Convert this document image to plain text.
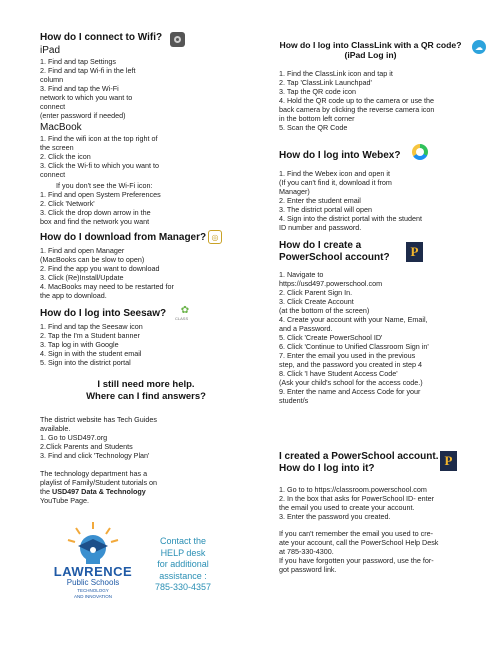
How do I connect to Wifi?
iPad
1. Find and tap Settings
2. Find and tap Wi-fi in the left
column
3. Find and tap the Wi-Fi
network to which you want to
connect
(enter password if needed)
MacBook
1. Find the wifi icon at the top right of
the screen
2. Click the icon
3. Click the Wi-fi to which you want to
connect
If you don't see the Wi-Fi icon:
1. Find and open System Preferences
2. Click 'Network'
3. Click the drop down arrow in the
box and find the network you want
How do I download from Manager? ◎
1. Find and open Manager
(MacBooks can be slow to open)
2. Find the app you want to download
3. Click (Re)Install/Update
4. MacBooks may need to be restarted for
the app to download.
How do I log into Seesaw?	✿
CLASS
1. Find and tap the Seesaw icon
2. Tap the I'm a Student banner
3. Tap log in with Google
4. Sign in with the student email
5. Sign into the district portal

I still need more help.

Where can I find answers?

The district website has Tech Guides
available.
1. Go to USD497.org
2.Click Parents and Students
3. Find and click 'Technology Plan'
The technology department has a
playlist of Family/Student tutorials on
the USD497 Data & Technology
YouTube Page.
LAWRENCE
Public Schools
TECHNOLOGY
AND INNOVATION
Contact the
HELP desk
for additional
assistance :
785-330-4357

How do I log into ClassLink with a QR code?

(iPad Log in)

☁
1. Find the ClassLink icon and tap it
2. Tap 'ClassLink Launchpad'
3. Tap the QR code icon
4. Hold the QR code up to the camera or use the
back camera by clicking the reverse camera icon
in the bottom left corner
5. Scan the QR Code
How do I log into Webex?
1. Find the Webex icon and open it
(If you can't find it, download it from
Manager)
2. Enter the student email
3. The district portal will open
4. Sign into the district portal with the student
ID number and password.
How do I create a
PowerSchool account?	P
1. Navigate to
https://usd497.powerschool.com
2. Click Parent Sign In.
3. Click Create Account
(at the bottom of the screen)
4. Create your account with your Name, Email,
and a Password.
5. Click 'Create PowerSchool ID'
6. Click 'Continue to Unified Classroom Sign in'
7. Enter the email you used in the previous
step, and the password you created in step 4
8. Click 'I have Student Access Code'
(Ask your child's school for the access code.)
9. Enter the name and Access Code for your
student/s
I created a PowerSchool account.
How do I log into it?
P
1. Go to to https://classroom.powerschool.com
2. In the box that asks for PowerSchool ID- enter
the email you used to create your account.
3. Enter the password you created.
If you can't remember the email you used to cre-
ate your account, call the PowerSchool Help Desk
at 785-330-4300.
If you have forgotten your password, use the for-
got password link.
